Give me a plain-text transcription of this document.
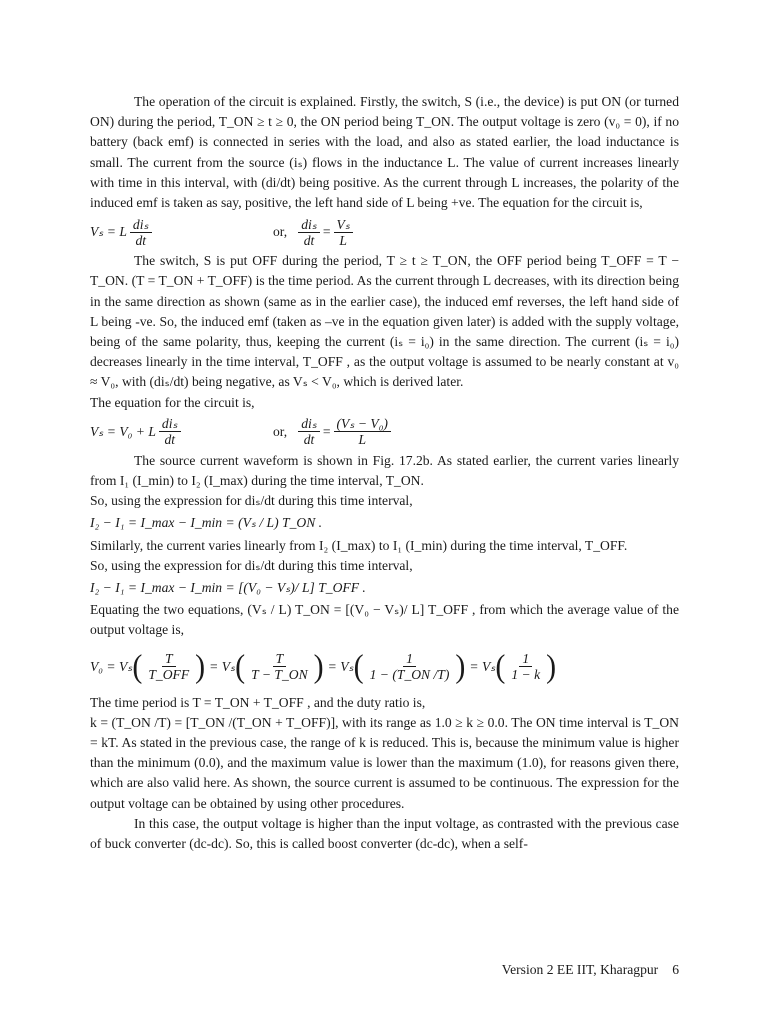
The operation of the circuit is explained. Firstly, the switch, S (i.e., the device) is put ON (or turned ON) during the period, T_ON ≥ t ≥ 0, the ON period being T_ON. The output voltage is zero (v₀ = 0), if no battery (back emf) is connected in series with the load, and also as stated earlier, the load inductance is small. The current from the source (iₛ) flows in the inductance L. The value of current increases linearly with time in this interval, with (di/dt) being positive. As the current through L increases, the polarity of the induced emf is taken as say, positive, the left hand side of L being +ve. The equation for the circuit is,

Vₛ = L $\frac{\text{diₛ}}{dt}$	or, $\frac{\text{diₛ}}{dt} = \frac{\text{Vₛ}}{L}$

The switch, S is put OFF during the period, T ≥ t ≥ T_ON, the OFF period being T_OFF = T − T_ON. (T = T_ON + T_OFF) is the time period. As the current through L decreases, with its direction being in the same direction as shown (same as in the earlier case), the induced emf reverses, the left hand side of L being -ve. So, the induced emf (taken as –ve in the equation given later) is added with the supply voltage, being of the same polarity, thus, keeping the current (iₛ = i₀) in the same direction. The current (iₛ = i₀) decreases linearly in the time interval, T_OFF , as the output voltage is assumed to be nearly constant at v₀ ≈ V₀, with (diₛ/dt) being negative, as Vₛ < V₀, which is derived later.

The equation for the circuit is,

Vₛ = V₀ + L $\frac{\text{diₛ}}{dt}$	or, $\frac{\text{diₛ}}{dt} = \frac{\text{(Vₛ − V₀)}}{L}$

The source current waveform is shown in Fig. 17.2b. As stated earlier, the current varies linearly from I₁ (I_min) to I₂ (I_max) during the time interval, T_ON.

So, using the expression for diₛ/dt during this time interval,

I₂ − I₁ = I_max − I_min = (Vₛ / L) T_ON .

Similarly, the current varies linearly from I₂ (I_max) to I₁ (I_min) during the time interval, T_OFF.

So, using the expression for diₛ/dt during this time interval,

I₂ − I₁ = I_max − I_min = [(V₀ − Vₛ)/ L] T_OFF .

Equating the two equations, (Vₛ / L) T_ON = [(V₀ − Vₛ)/ L] T_OFF , from which the average value of the output voltage is,

V₀ = Vₛ ( $\frac{T}{\text{T\_OFF}}$ ) = Vₛ ( $\frac{T}{T - T\_ON}$ ) = Vₛ ( $\frac{1}{1 - (T\_ON /T)}$ ) = Vₛ ( $\frac{1}{1 - k}$ )

The time period is T = T_ON + T_OFF , and the duty ratio is,

k = (T_ON /T) = [T_ON /(T_ON + T_OFF)], with its range as 1.0 ≥ k ≥ 0.0. The ON time interval is T_ON = kT. As stated in the previous case, the range of k is reduced. This is, because the minimum value is higher than the minimum (0.0), and the maximum value is lower than the maximum (1.0), for reasons given there, which are also valid here. As shown, the source current is assumed to be continuous. The expression for the output voltage can be obtained by using other procedures.

In this case, the output voltage is higher than the input voltage, as contrasted with the previous case of buck converter (dc-dc). So, this is called boost converter (dc-dc), when a self-

Version 2 EE IIT, Kharagpur 6
